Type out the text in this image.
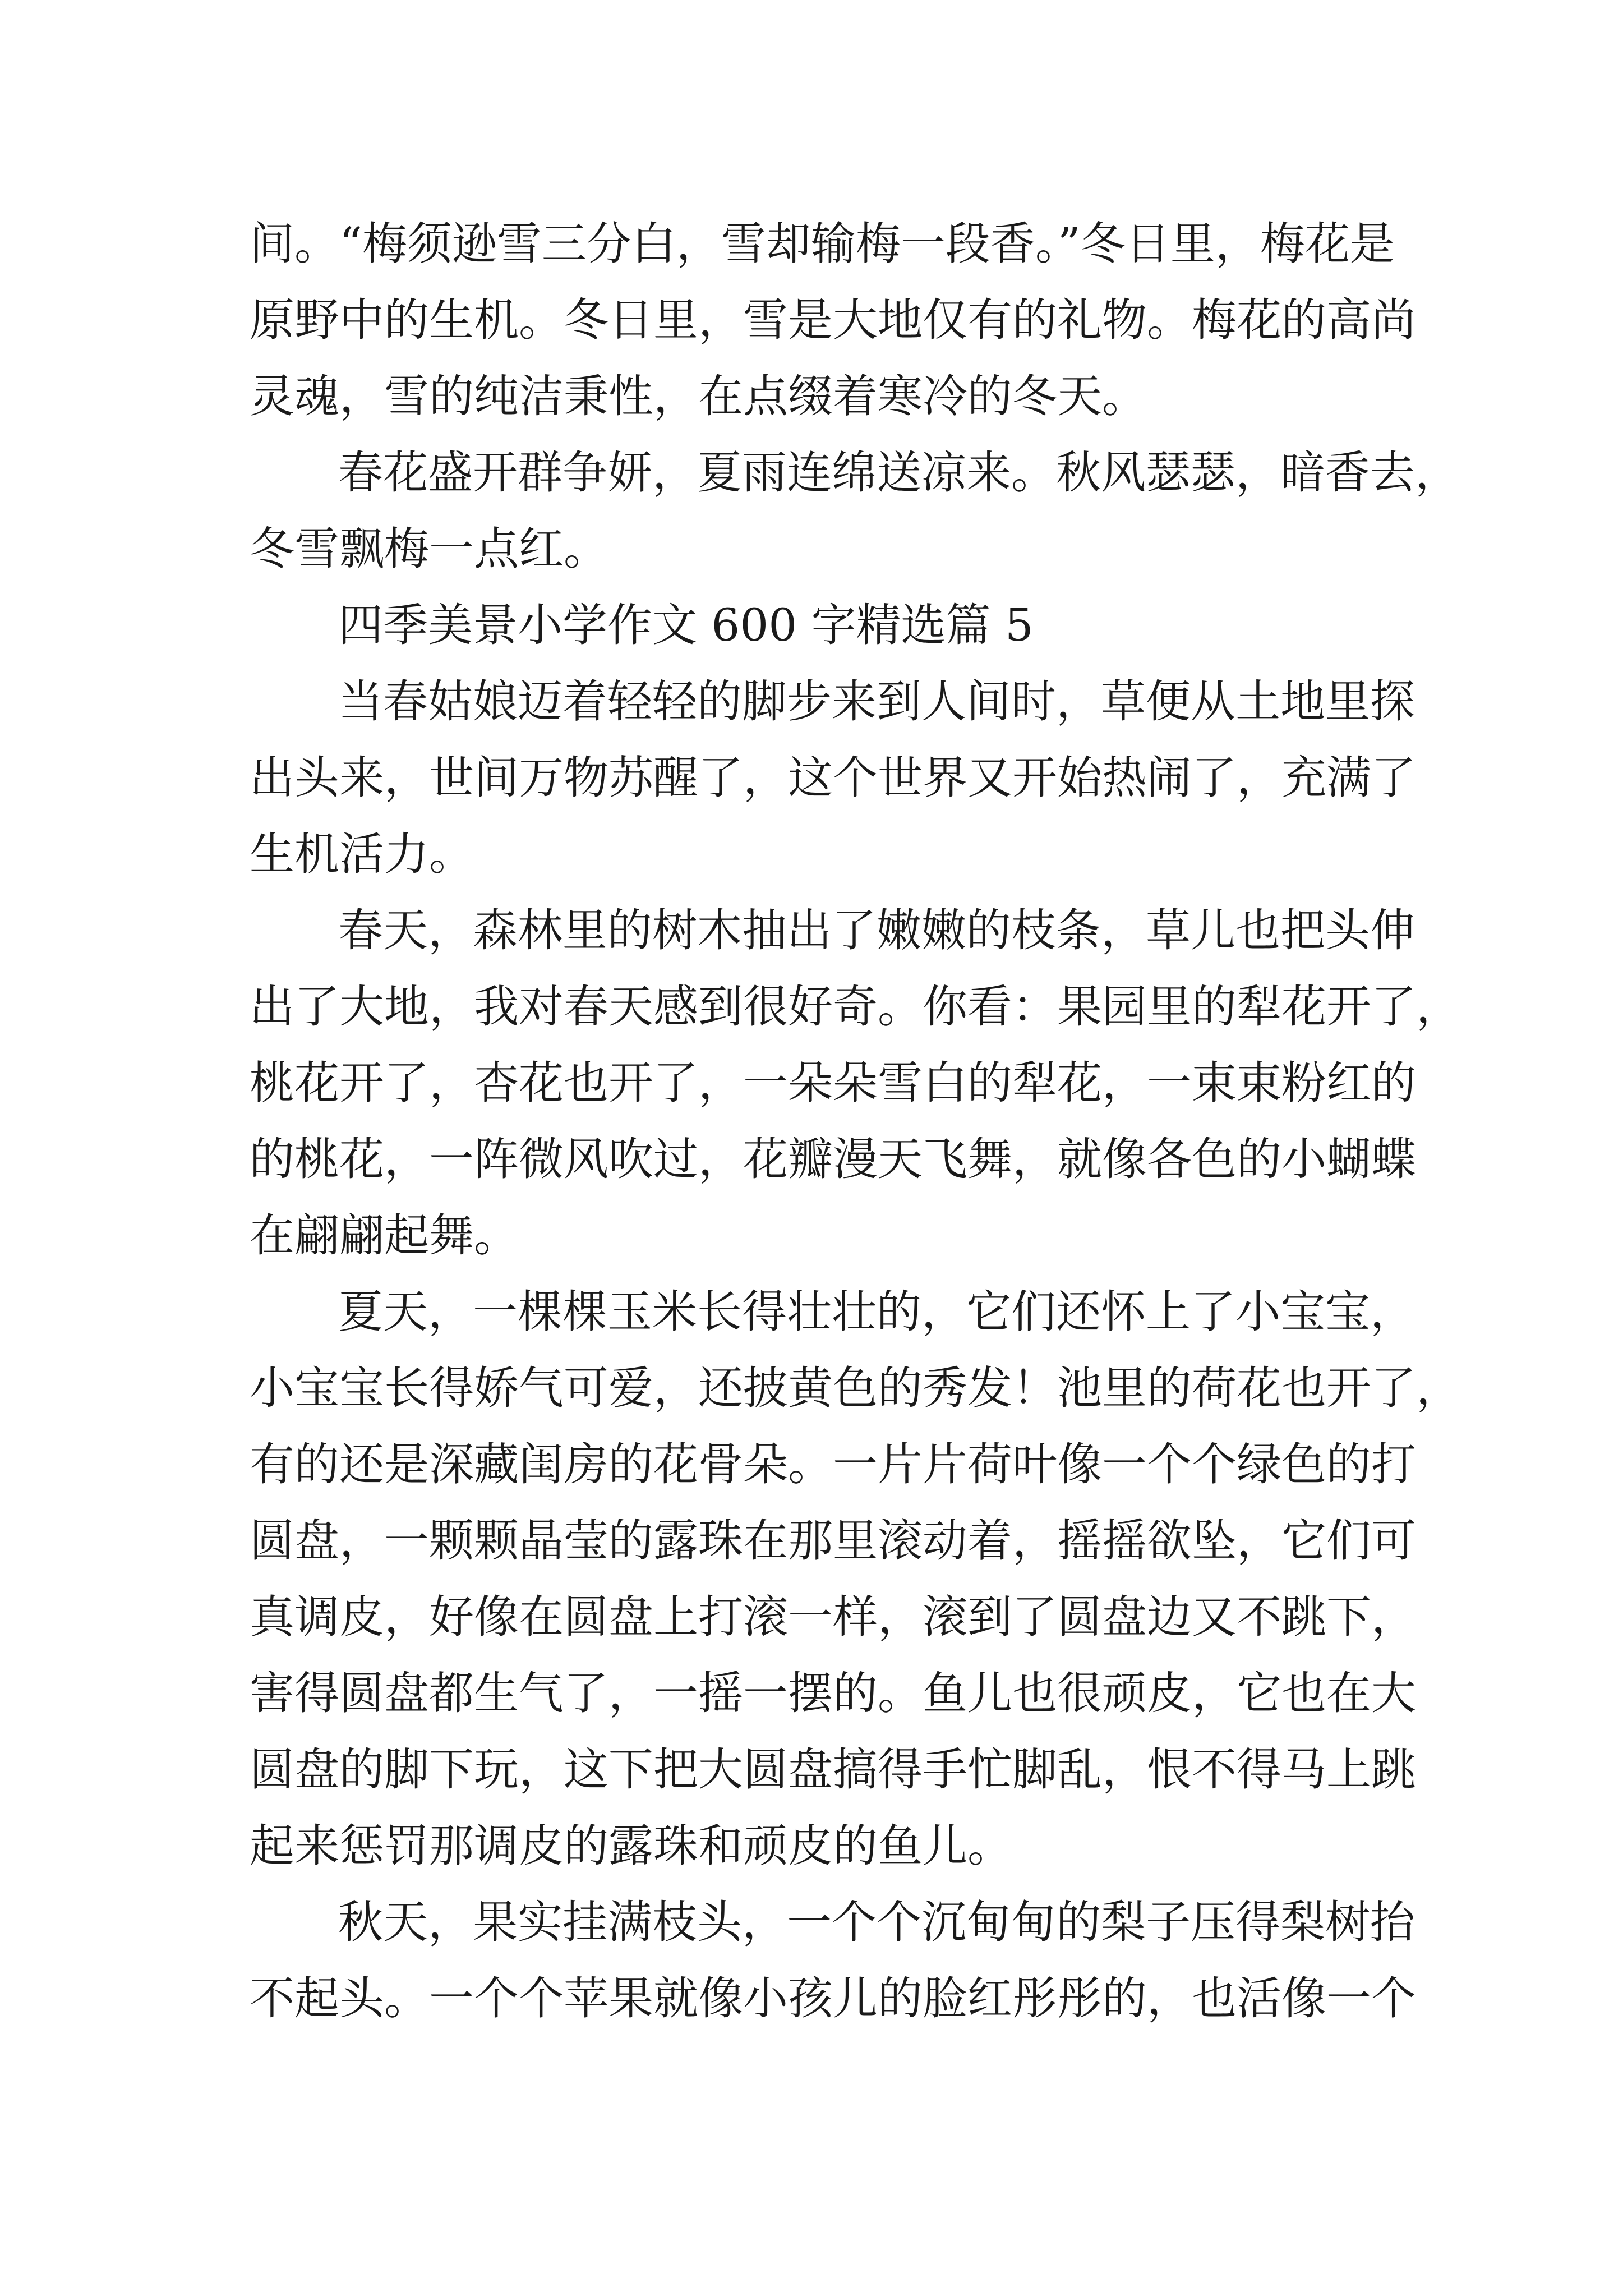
间。“梅须逊雪三分白，雪却输梅一段香。”冬日里，梅花是
原野中的生机。冬日里，雪是大地仅有的礼物。梅花的高尚
灵魂，雪的纯洁秉性，在点缀着寒冷的冬天。
春花盛开群争妍，夏雨连绵送凉来。秋风瑟瑟，暗香去，
冬雪飘梅一点红。
四季美景小学作文 600 字精选篇 5
当春姑娘迈着轻轻的脚步来到人间时，草便从土地里探
出头来，世间万物苏醒了，这个世界又开始热闹了，充满了
生机活力。
春天，森林里的树木抽出了嫩嫩的枝条，草儿也把头伸
出了大地，我对春天感到很好奇。你看：果园里的犁花开了，
桃花开了，杏花也开了，一朵朵雪白的犁花，一束束粉红的
的桃花，一阵微风吹过，花瓣漫天飞舞，就像各色的小蝴蝶
在翩翩起舞。
夏天，一棵棵玉米长得壮壮的，它们还怀上了小宝宝，
小宝宝长得娇气可爱，还披黄色的秀发！池里的荷花也开了，
有的还是深藏闺房的花骨朵。一片片荷叶像一个个绿色的打
圆盘，一颗颗晶莹的露珠在那里滚动着，摇摇欲坠，它们可
真调皮，好像在圆盘上打滚一样，滚到了圆盘边又不跳下，
害得圆盘都生气了，一摇一摆的。鱼儿也很顽皮，它也在大
圆盘的脚下玩，这下把大圆盘搞得手忙脚乱，恨不得马上跳
起来惩罚那调皮的露珠和顽皮的鱼儿。
秋天，果实挂满枝头，一个个沉甸甸的梨子压得梨树抬
不起头。一个个苹果就像小孩儿的脸红彤彤的，也活像一个
